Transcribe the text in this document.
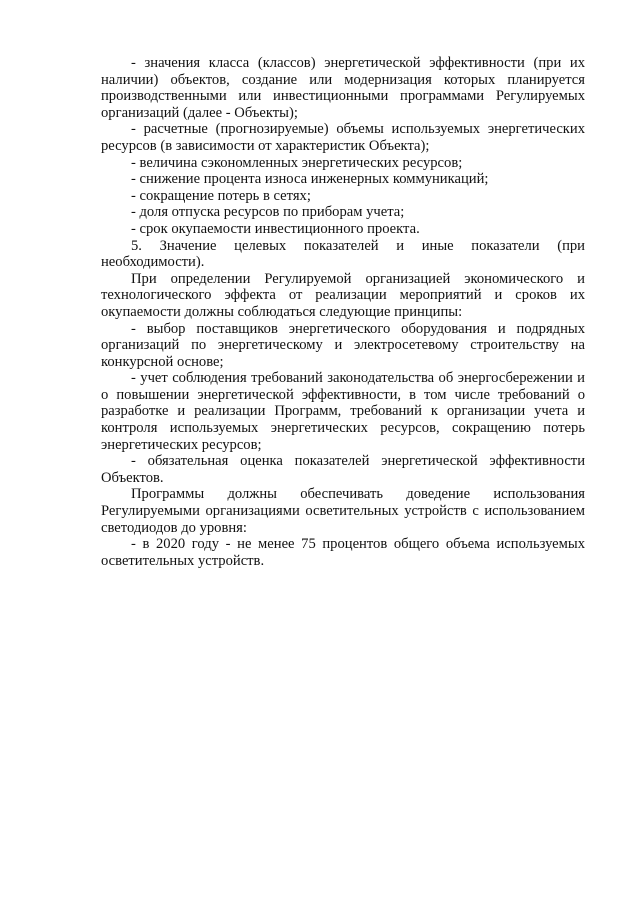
- значения класса (классов) энергетической эффективности (при их наличии) объектов, создание или модернизация которых планируется производственными или инвестиционными программами Регулируемых организаций (далее - Объекты);

- расчетные (прогнозируемые) объемы используемых энергетических ресурсов (в зависимости от характеристик Объекта);

- величина сэкономленных энергетических ресурсов;

- снижение процента износа инженерных коммуникаций;

- сокращение потерь в сетях;

- доля отпуска ресурсов по приборам учета;

- срок окупаемости инвестиционного проекта.

5. Значение целевых показателей и иные показатели (при необходимости).

При определении Регулируемой организацией экономического и технологического эффекта от реализации мероприятий и сроков их окупаемости должны соблюдаться следующие принципы:

- выбор поставщиков энергетического оборудования и подрядных организаций по энергетическому и электросетевому строительству на конкурсной основе;

- учет соблюдения требований законодательства об энергосбережении и о повышении энергетической эффективности, в том числе требований о разработке и реализации Программ, требований к организации учета и контроля используемых энергетических ресурсов, сокращению потерь энергетических ресурсов;

- обязательная оценка показателей энергетической эффективности Объектов.

Программы должны обеспечивать доведение использования Регулируемыми организациями осветительных устройств с использованием светодиодов до уровня:

- в 2020 году - не менее 75 процентов общего объема используемых осветительных устройств.
